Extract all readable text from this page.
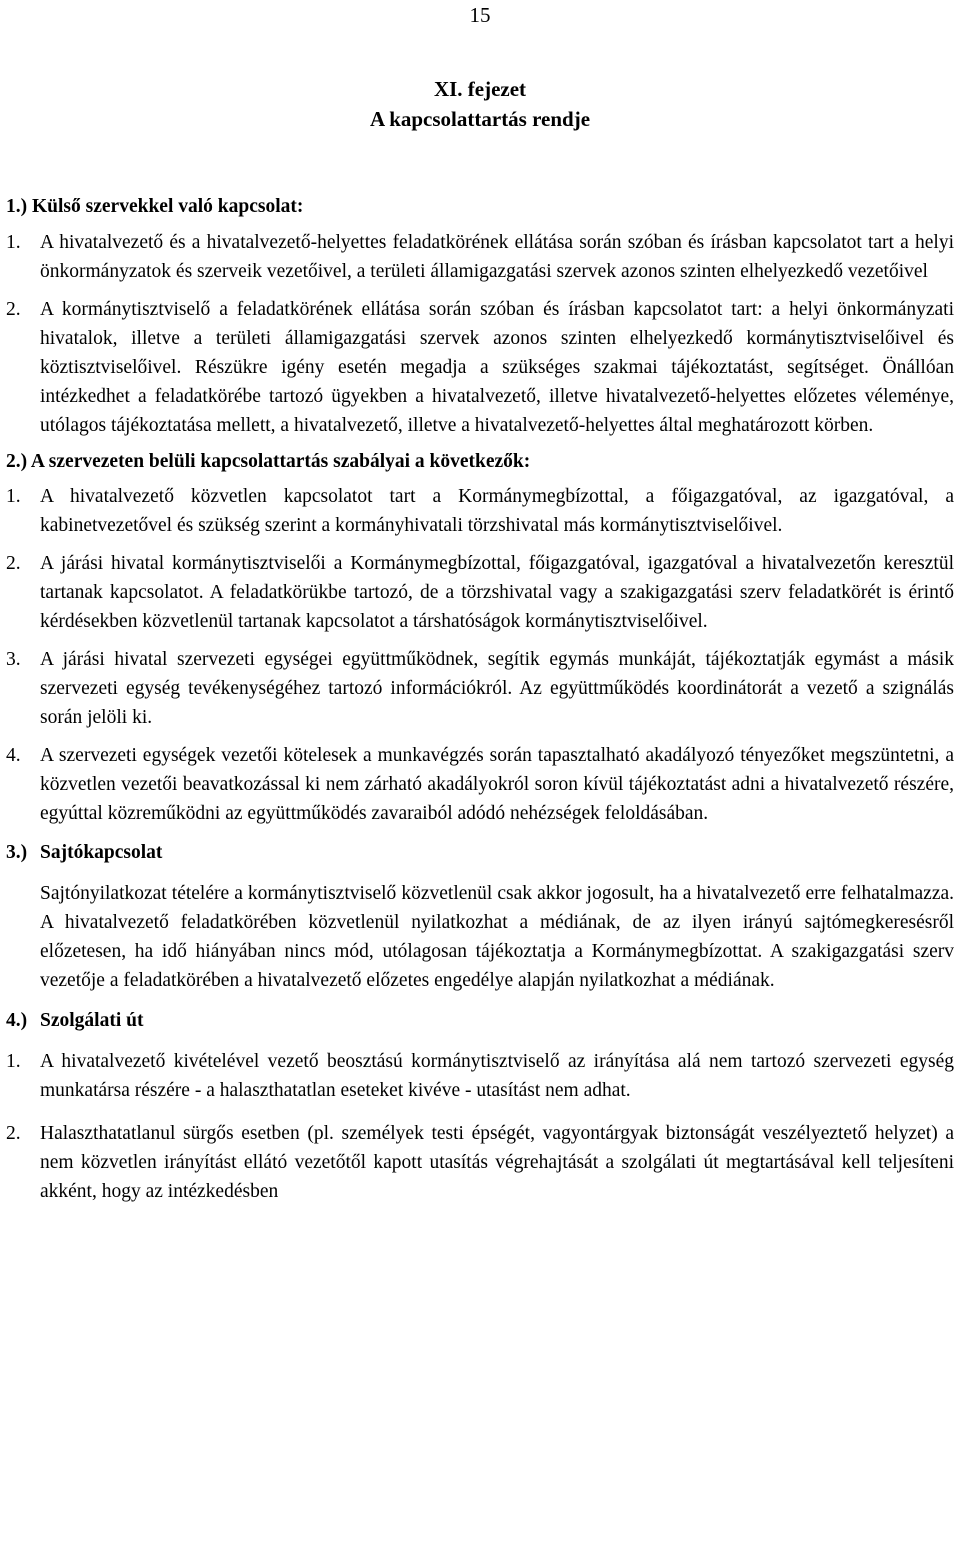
15
XI. fejezet
A kapcsolattartás rendje
1.) Külső szervekkel való kapcsolat:
1. A hivatalvezető és a hivatalvezető-helyettes feladatkörének ellátása során szóban és írásban kapcsolatot tart a helyi önkormányzatok és szerveik vezetőivel, a területi államigazgatási szervek azonos szinten elhelyezkedő vezetőivel

2. A kormánytisztviselő a feladatkörének ellátása során szóban és írásban kapcsolatot tart: a helyi önkormányzati hivatalok, illetve a területi államigazgatási szervek azonos szinten elhelyezkedő kormánytisztviselőivel és köztisztviselőivel. Részükre igény esetén megadja a szükséges szakmai tájékoztatást, segítséget. Önállóan intézkedhet a feladatkörébe tartozó ügyekben a hivatalvezető, illetve hivatalvezető-helyettes előzetes véleménye, utólagos tájékoztatása mellett, a hivatalvezető, illetve a hivatalvezető-helyettes által meghatározott körben.

2.) A szervezeten belüli kapcsolattartás szabályai a következők:
1. A hivatalvezető közvetlen kapcsolatot tart a Kormánymegbízottal, a főigazgatóval, az igazgatóval, a kabinetvezetővel és szükség szerint a kormányhivatali törzshivatal más kormánytisztviselőivel.

2. A járási hivatal kormánytisztviselői a Kormánymegbízottal, főigazgatóval, igazgatóval a hivatalvezetőn keresztül tartanak kapcsolatot. A feladatkörükbe tartozó, de a törzshivatal vagy a szakigazgatási szerv feladatkörét is érintő kérdésekben közvetlenül tartanak kapcsolatot a társhatóságok kormánytisztviselőivel.

3. A járási hivatal szervezeti egységei együttműködnek, segítik egymás munkáját, tájékoztatják egymást a másik szervezeti egység tevékenységéhez tartozó információkról. Az együttműködés koordinátorát a vezető a szignálás során jelöli ki.

4. A szervezeti egységek vezetői kötelesek a munkavégzés során tapasztalható akadályozó tényezőket megszüntetni, a közvetlen vezetői beavatkozással ki nem zárható akadályokról soron kívül tájékoztatást adni a hivatalvezető részére, egyúttal közreműködni az együttműködés zavaraiból adódó nehézségek feloldásában.

3.) Sajtókapcsolat

Sajtónyilatkozat tételére a kormánytisztviselő közvetlenül csak akkor jogosult, ha a hivatalvezető erre felhatalmazza. A hivatalvezető feladatkörében közvetlenül nyilatkozhat a médiának, de az ilyen irányú sajtómegkeresésről előzetesen, ha idő hiányában nincs mód, utólagosan tájékoztatja a Kormánymegbízottat. A szakigazgatási szerv vezetője a feladatkörében a hivatalvezető előzetes engedélye alapján nyilatkozhat a médiának.

4.) Szolgálati út
1. A hivatalvezető kivételével vezető beosztású kormánytisztviselő az irányítása alá nem tartozó szervezeti egység munkatársa részére - a halaszthatatlan eseteket kivéve - utasítást nem adhat.

2. Halaszthatatlanul sürgős esetben (pl. személyek testi épségét, vagyontárgyak biztonságát veszélyeztető helyzet) a nem közvetlen irányítást ellátó vezetőtől kapott utasítás végrehajtását a szolgálati út megtartásával kell teljesíteni akként, hogy az intézkedésben
